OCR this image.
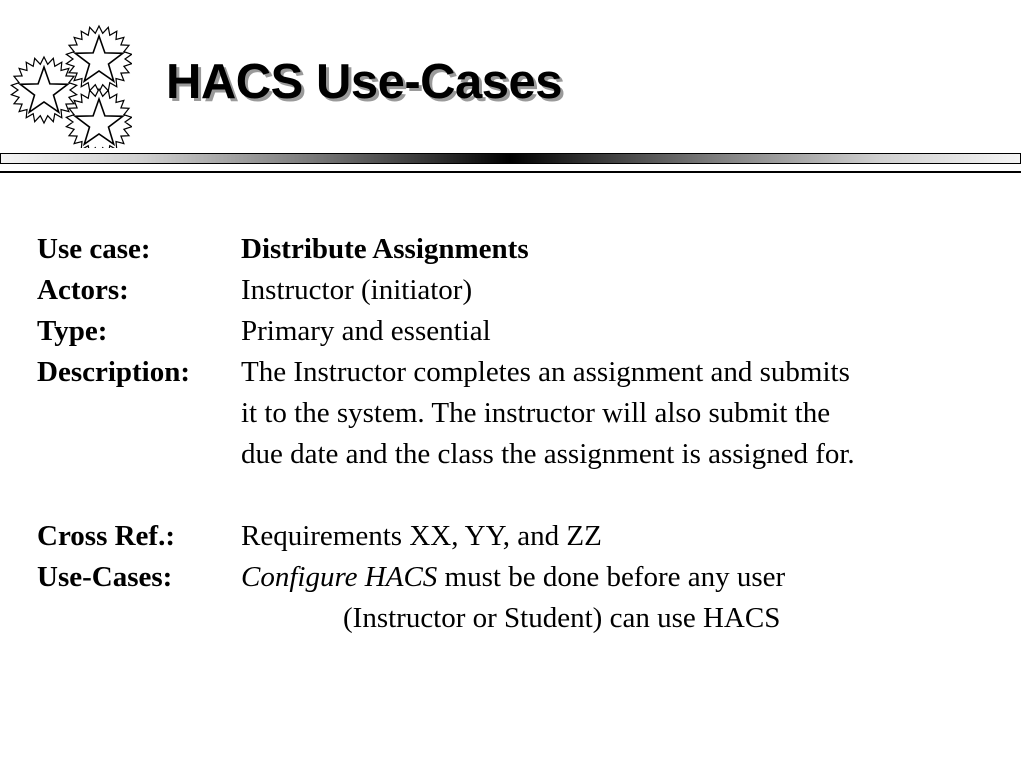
HACS Use-Cases
Use case:	Distribute Assignments
Actors:	Instructor (initiator)
Type:	Primary and essential
Description: The Instructor completes an assignment and submits
it to the system. The instructor will also submit the
due date and the class the assignment is assigned for.
Cross Ref.: Requirements XX, YY, and ZZ
Use-Cases: Configure HACS must be done before any user
(Instructor or Student) can use HACS
